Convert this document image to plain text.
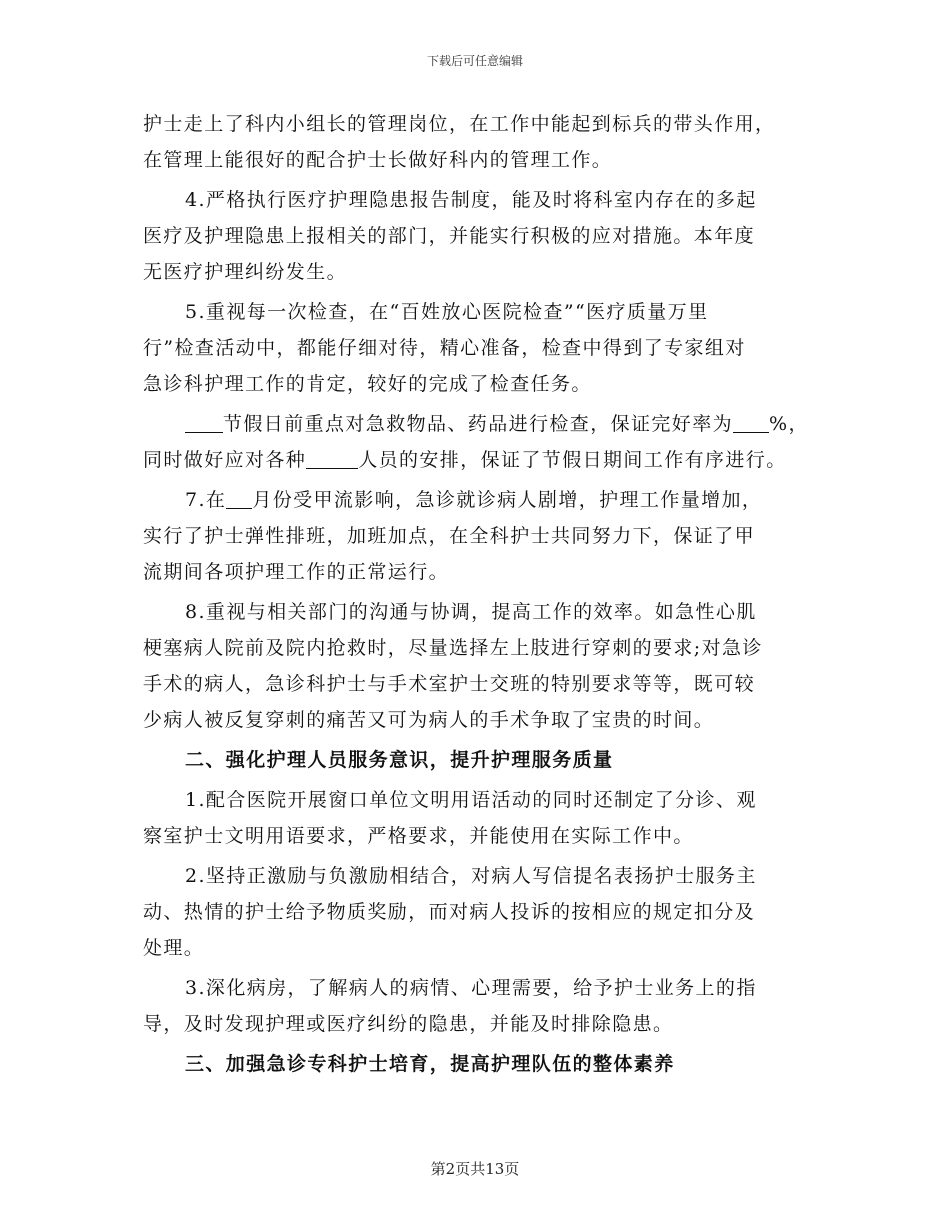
下载后可任意编辑
护士走上了科内小组长的管理岗位，在工作中能起到标兵的带头作用，
在管理上能很好的配合护士长做好科内的管理工作。
4.严格执行医疗护理隐患报告制度，能及时将科室内存在的多起
医疗及护理隐患上报相关的部门，并能实行积极的应对措施。本年度
无医疗护理纠纷发生。
5.重视每一次检查，在“百姓放心医院检查”“医疗质量万里
行”检查活动中，都能仔细对待，精心准备，检查中得到了专家组对
急诊科护理工作的肯定，较好的完成了检查任务。
节假日前重点对急救物品、药品进行检查，保证完好率为 %，
同时做好应对各种	人员的安排，保证了节假日期间工作有序进行。
7.在 月份受甲流影响，急诊就诊病人剧增，护理工作量增加，
实行了护士弹性排班，加班加点，在全科护士共同努力下，保证了甲
流期间各项护理工作的正常运行。
8.重视与相关部门的沟通与协调，提高工作的效率。如急性心肌
梗塞病人院前及院内抢救时，尽量选择左上肢进行穿刺的要求;对急诊
手术的病人，急诊科护士与手术室护士交班的特别要求等等，既可较
少病人被反复穿刺的痛苦又可为病人的手术争取了宝贵的时间。
二、强化护理人员服务意识，提升护理服务质量
1.配合医院开展窗口单位文明用语活动的同时还制定了分诊、观
察室护士文明用语要求，严格要求，并能使用在实际工作中。
2.坚持正激励与负激励相结合，对病人写信提名表扬护士服务主
动、热情的护士给予物质奖励，而对病人投诉的按相应的规定扣分及
处理。
3.深化病房，了解病人的病情、心理需要，给予护士业务上的指
导，及时发现护理或医疗纠纷的隐患，并能及时排除隐患。
三、加强急诊专科护士培育，提高护理队伍的整体素养
第2页共13页
